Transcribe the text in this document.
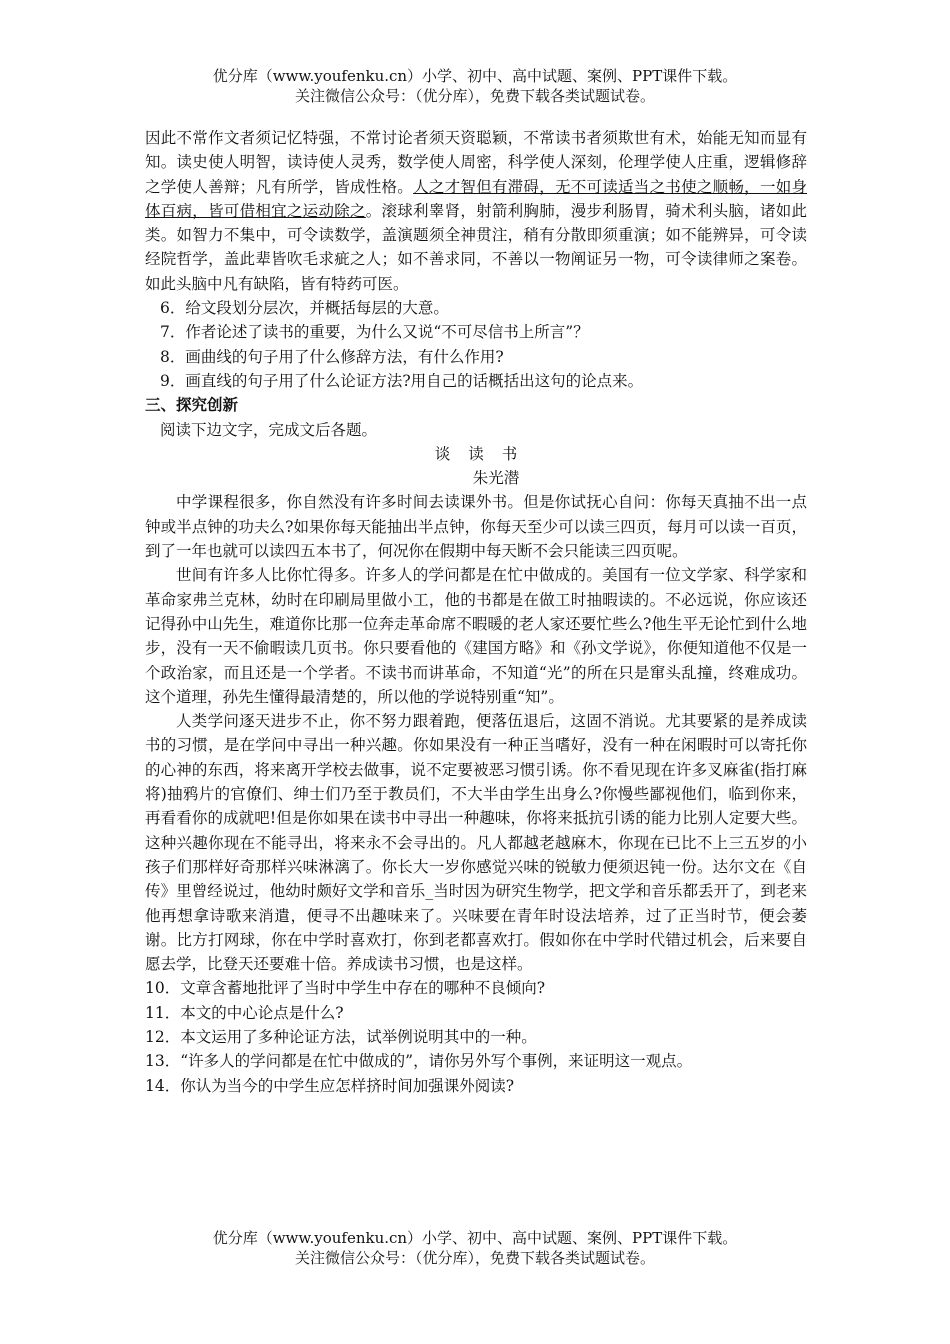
优分库（www.youfenku.cn）小学、初中、高中试题、案例、PPT课件下载。
关注微信公众号：（优分库），免费下载各类试题试卷。

因此不常作文者须记忆特强，不常讨论者须天资聪颖，不常读书者须欺世有术，始能无知而显有知。读史使人明智，读诗使人灵秀，数学使人周密，科学使人深刻，伦理学使人庄重，逻辑修辞之学使人善辩；凡有所学，皆成性格。人之才智但有滞碍，无不可读适当之书使之顺畅，一如身体百病，皆可借相宜之运动除之。滚球利睾肾，射箭利胸肺，漫步利肠胃，骑术利头脑，诸如此类。如智力不集中，可令读数学，盖演题须全神贯注，稍有分散即须重演；如不能辨异，可令读经院哲学，盖此辈皆吹毛求疵之人；如不善求同，不善以一物阐证另一物，可令读律师之案卷。如此头脑中凡有缺陷，皆有特药可医。

6．给文段划分层次，并概括每层的大意。

7．作者论述了读书的重要，为什么又说“不可尽信书上所言”？

8．画曲线的句子用了什么修辞方法，有什么作用?

9．画直线的句子用了什么论证方法?用自己的话概括出这句的论点来。

三、探究创新

阅读下边文字，完成文后各题。

谈读书

朱光潜

中学课程很多，你自然没有许多时间去读课外书。但是你试抚心自问：你每天真抽不出一点钟或半点钟的功夫么?如果你每天能抽出半点钟，你每天至少可以读三四页，每月可以读一百页，到了一年也就可以读四五本书了，何况你在假期中每天断不会只能读三四页呢。

世间有许多人比你忙得多。许多人的学问都是在忙中做成的。美国有一位文学家、科学家和革命家弗兰克林，幼时在印刷局里做小工，他的书都是在做工时抽暇读的。不必远说，你应该还记得孙中山先生，难道你比那一位奔走革命席不暇暖的老人家还要忙些么?他生平无论忙到什么地步，没有一天不偷暇读几页书。你只要看他的《建国方略》和《孙文学说》，你便知道他不仅是一个政治家，而且还是一个学者。不读书而讲革命，不知道“光”的所在只是窜头乱撞，终难成功。这个道理，孙先生懂得最清楚的，所以他的学说特别重“知”。

人类学问逐天进步不止，你不努力跟着跑，便落伍退后，这固不消说。尤其要紧的是养成读书的习惯，是在学问中寻出一种兴趣。你如果没有一种正当嗜好，没有一种在闲暇时可以寄托你的心神的东西，将来离开学校去做事，说不定要被恶习惯引诱。你不看见现在许多叉麻雀(指打麻将)抽鸦片的官僚们、绅士们乃至于教员们，不大半由学生出身么?你慢些鄙视他们，临到你来，再看看你的成就吧!但是你如果在读书中寻出一种趣味，你将来抵抗引诱的能力比别人定要大些。这种兴趣你现在不能寻出，将来永不会寻出的。凡人都越老越麻木，你现在已比不上三五岁的小孩子们那样好奇那样兴味淋漓了。你长大一岁你感觉兴味的锐敏力便须迟钝一份。达尔文在《自传》里曾经说过，他幼时颇好文学和音乐_当时因为研究生物学，把文学和音乐都丢开了，到老来他再想拿诗歌来消遣，便寻不出趣味来了。兴味要在青年时设法培养，过了正当时节，便会萎谢。比方打网球，你在中学时喜欢打，你到老都喜欢打。假如你在中学时代错过机会，后来要自愿去学，比登天还要难十倍。养成读书习惯，也是这样。

10．文章含蓄地批评了当时中学生中存在的哪种不良倾向?

11．本文的中心论点是什么?

12．本文运用了多种论证方法，试举例说明其中的一种。

13．“许多人的学问都是在忙中做成的”，请你另外写个事例，来证明这一观点。

14．你认为当今的中学生应怎样挤时间加强课外阅读?

优分库（www.youfenku.cn）小学、初中、高中试题、案例、PPT课件下载。
关注微信公众号：（优分库），免费下载各类试题试卷。
